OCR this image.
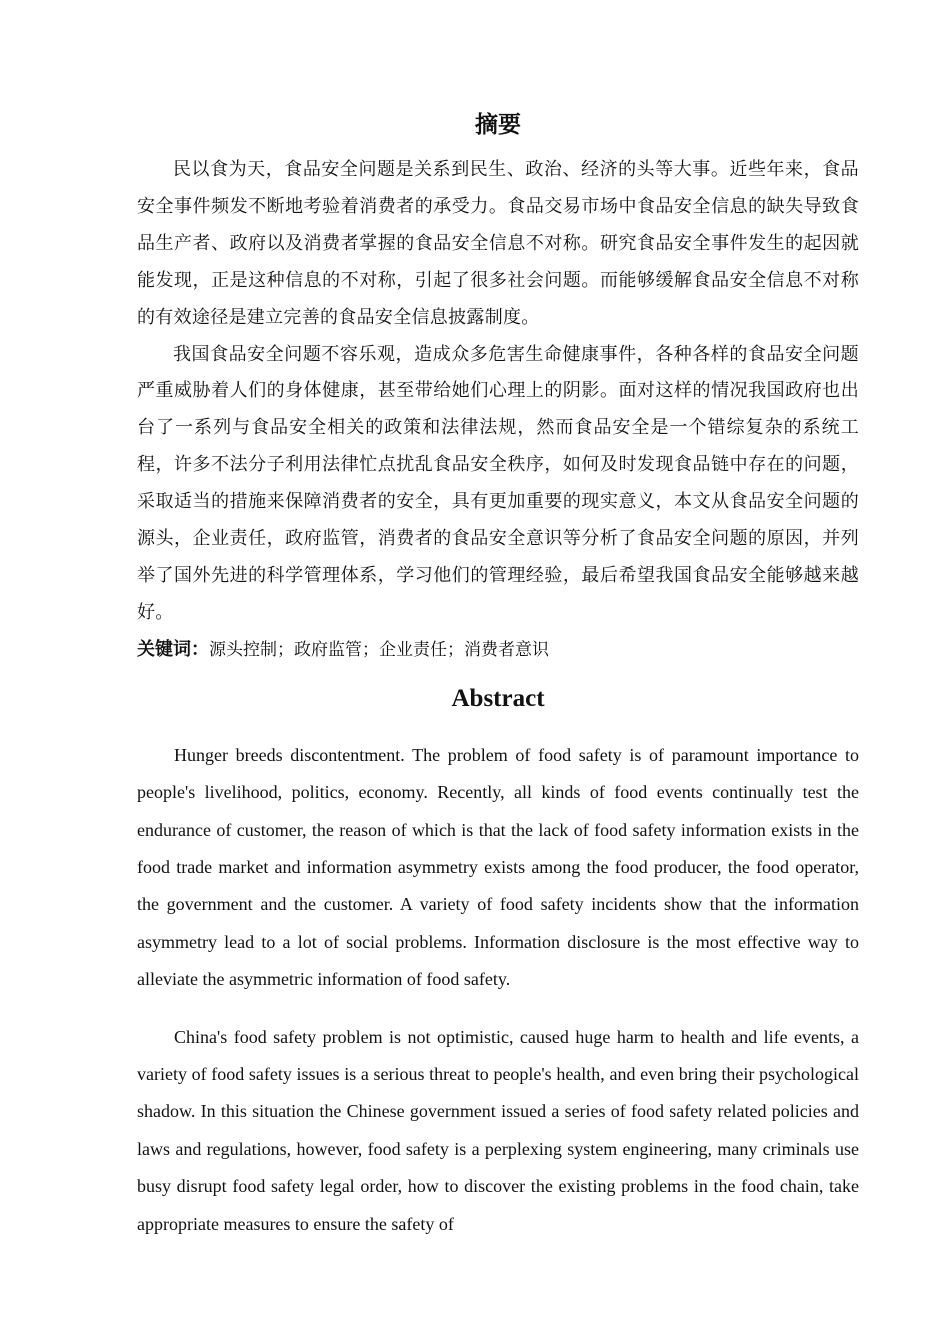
摘要

民以食为天，食品安全问题是关系到民生、政治、经济的头等大事。近些年来，食品安全事件频发不断地考验着消费者的承受力。食品交易市场中食品安全信息的缺失导致食品生产者、政府以及消费者掌握的食品安全信息不对称。研究食品安全事件发生的起因就能发现，正是这种信息的不对称，引起了很多社会问题。而能够缓解食品安全信息不对称的有效途径是建立完善的食品安全信息披露制度。

我国食品安全问题不容乐观，造成众多危害生命健康事件，各种各样的食品安全问题严重威胁着人们的身体健康，甚至带给她们心理上的阴影。面对这样的情况我国政府也出台了一系列与食品安全相关的政策和法律法规，然而食品安全是一个错综复杂的系统工程，许多不法分子利用法律忙点扰乱食品安全秩序，如何及时发现食品链中存在的问题，采取适当的措施来保障消费者的安全，具有更加重要的现实意义，本文从食品安全问题的源头，企业责任，政府监管，消费者的食品安全意识等分析了食品安全问题的原因，并列举了国外先进的科学管理体系，学习他们的管理经验，最后希望我国食品安全能够越来越好。

关键词：源头控制；政府监管；企业责任；消费者意识

Abstract

Hunger breeds discontentment. The problem of food safety is of paramount importance to people's livelihood, politics, economy. Recently, all kinds of food events continually test the endurance of customer, the reason of which is that the lack of food safety information exists in the food trade market and information asymmetry exists among the food producer, the food operator, the government and the customer. A variety of food safety incidents show that the information asymmetry lead to a lot of social problems. Information disclosure is the most effective way to alleviate the asymmetric information of food safety.

China's food safety problem is not optimistic, caused huge harm to health and life events, a variety of food safety issues is a serious threat to people's health, and even bring their psychological shadow. In this situation the Chinese government issued a series of food safety related policies and laws and regulations, however, food safety is a perplexing system engineering, many criminals use busy disrupt food safety legal order, how to discover the existing problems in the food chain, take appropriate measures to ensure the safety of
